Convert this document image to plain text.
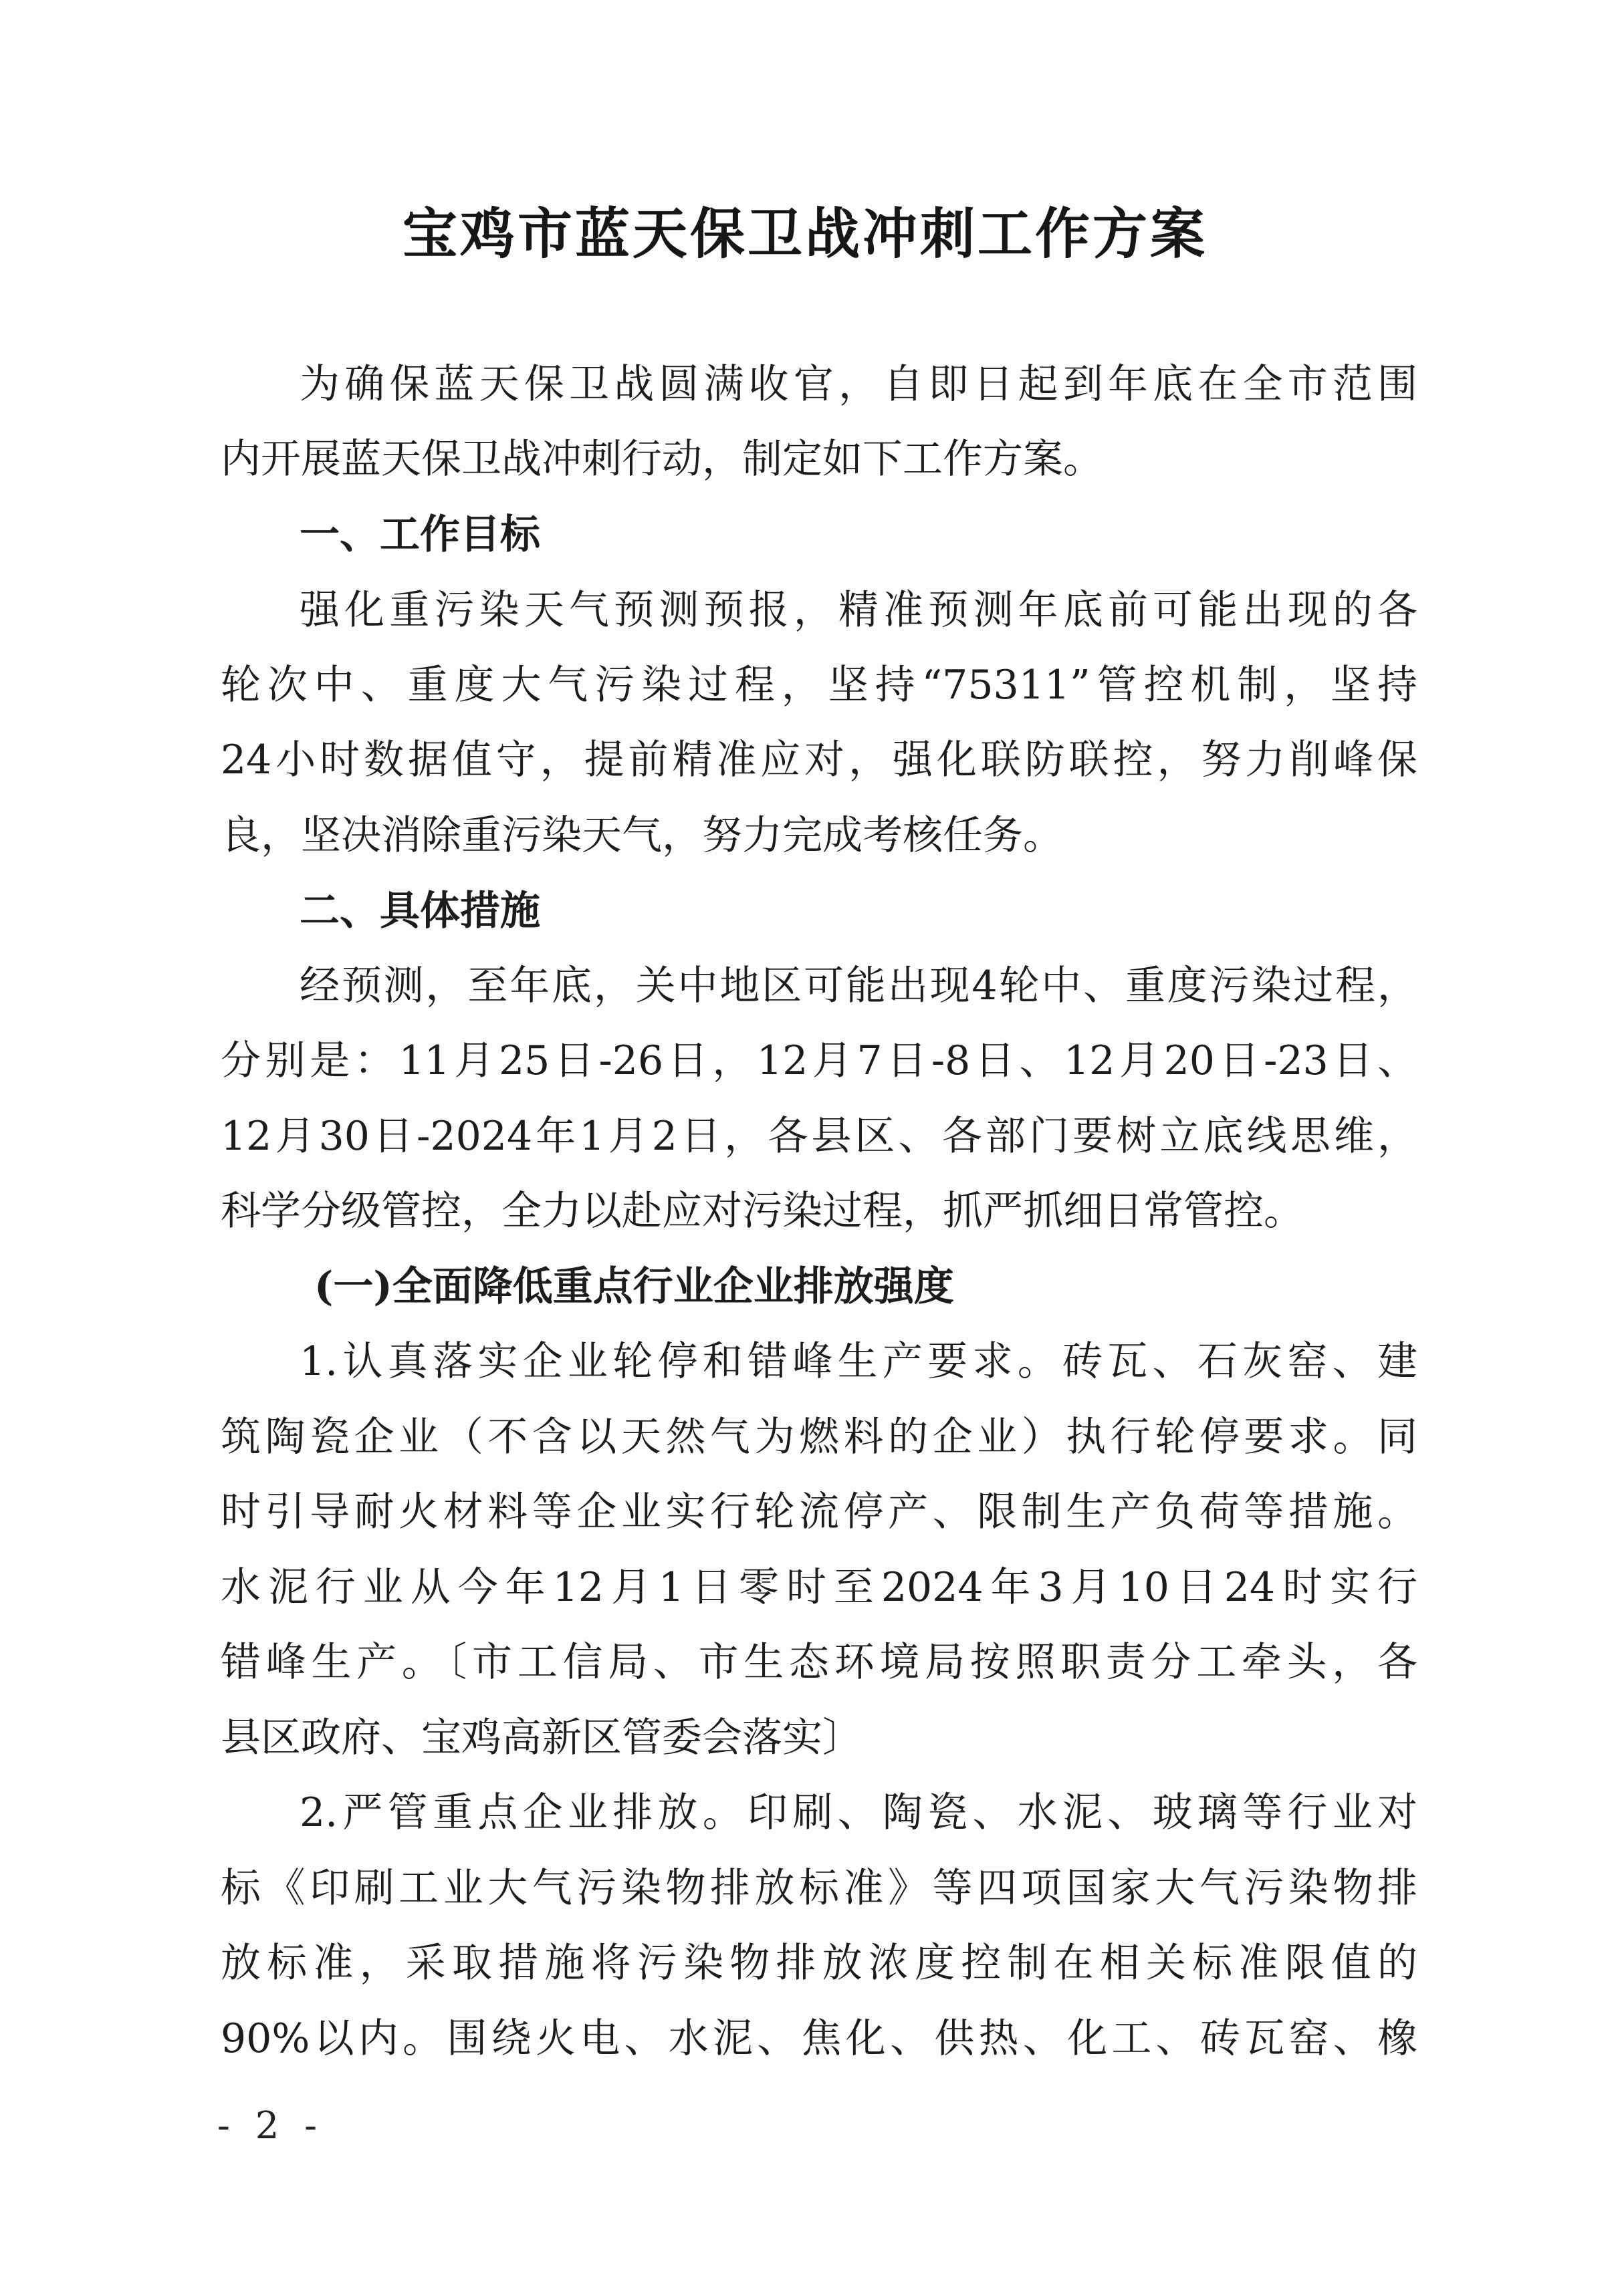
宝鸡市蓝天保卫战冲刺工作方案
为确保蓝天保卫战圆满收官，自即日起到年底在全市范围
内开展蓝天保卫战冲刺行动，制定如下工作方案。
一、工作目标
强化重污染天气预测预报，精准预测年底前可能出现的各
轮次中、重度大气污染过程，坚持“75311”管控机制，坚持
24小时数据值守，提前精准应对，强化联防联控，努力削峰保
良，坚决消除重污染天气，努力完成考核任务。
二、具体措施
经预测，至年底，关中地区可能出现4轮中、重度污染过程，
分别是：11月25日-26日，12月7日-8日、12月20日-23日、
12月30日-2024年1月2日，各县区、各部门要树立底线思维，
科学分级管控，全力以赴应对污染过程，抓严抓细日常管控。
(一)全面降低重点行业企业排放强度
1.认真落实企业轮停和错峰生产要求。砖瓦、石灰窑、建
筑陶瓷企业（不含以天然气为燃料的企业）执行轮停要求。同
时引导耐火材料等企业实行轮流停产、限制生产负荷等措施。
水泥行业从今年12月1日零时至2024年3月10日24时实行
错峰生产。〔市工信局、市生态环境局按照职责分工牵头，各
县区政府、宝鸡高新区管委会落实〕
2.严管重点企业排放。印刷、陶瓷、水泥、玻璃等行业对
标《印刷工业大气污染物排放标准》等四项国家大气污染物排
放标准，采取措施将污染物排放浓度控制在相关标准限值的
90%以内。围绕火电、水泥、焦化、供热、化工、砖瓦窑、橡
- 2 -
